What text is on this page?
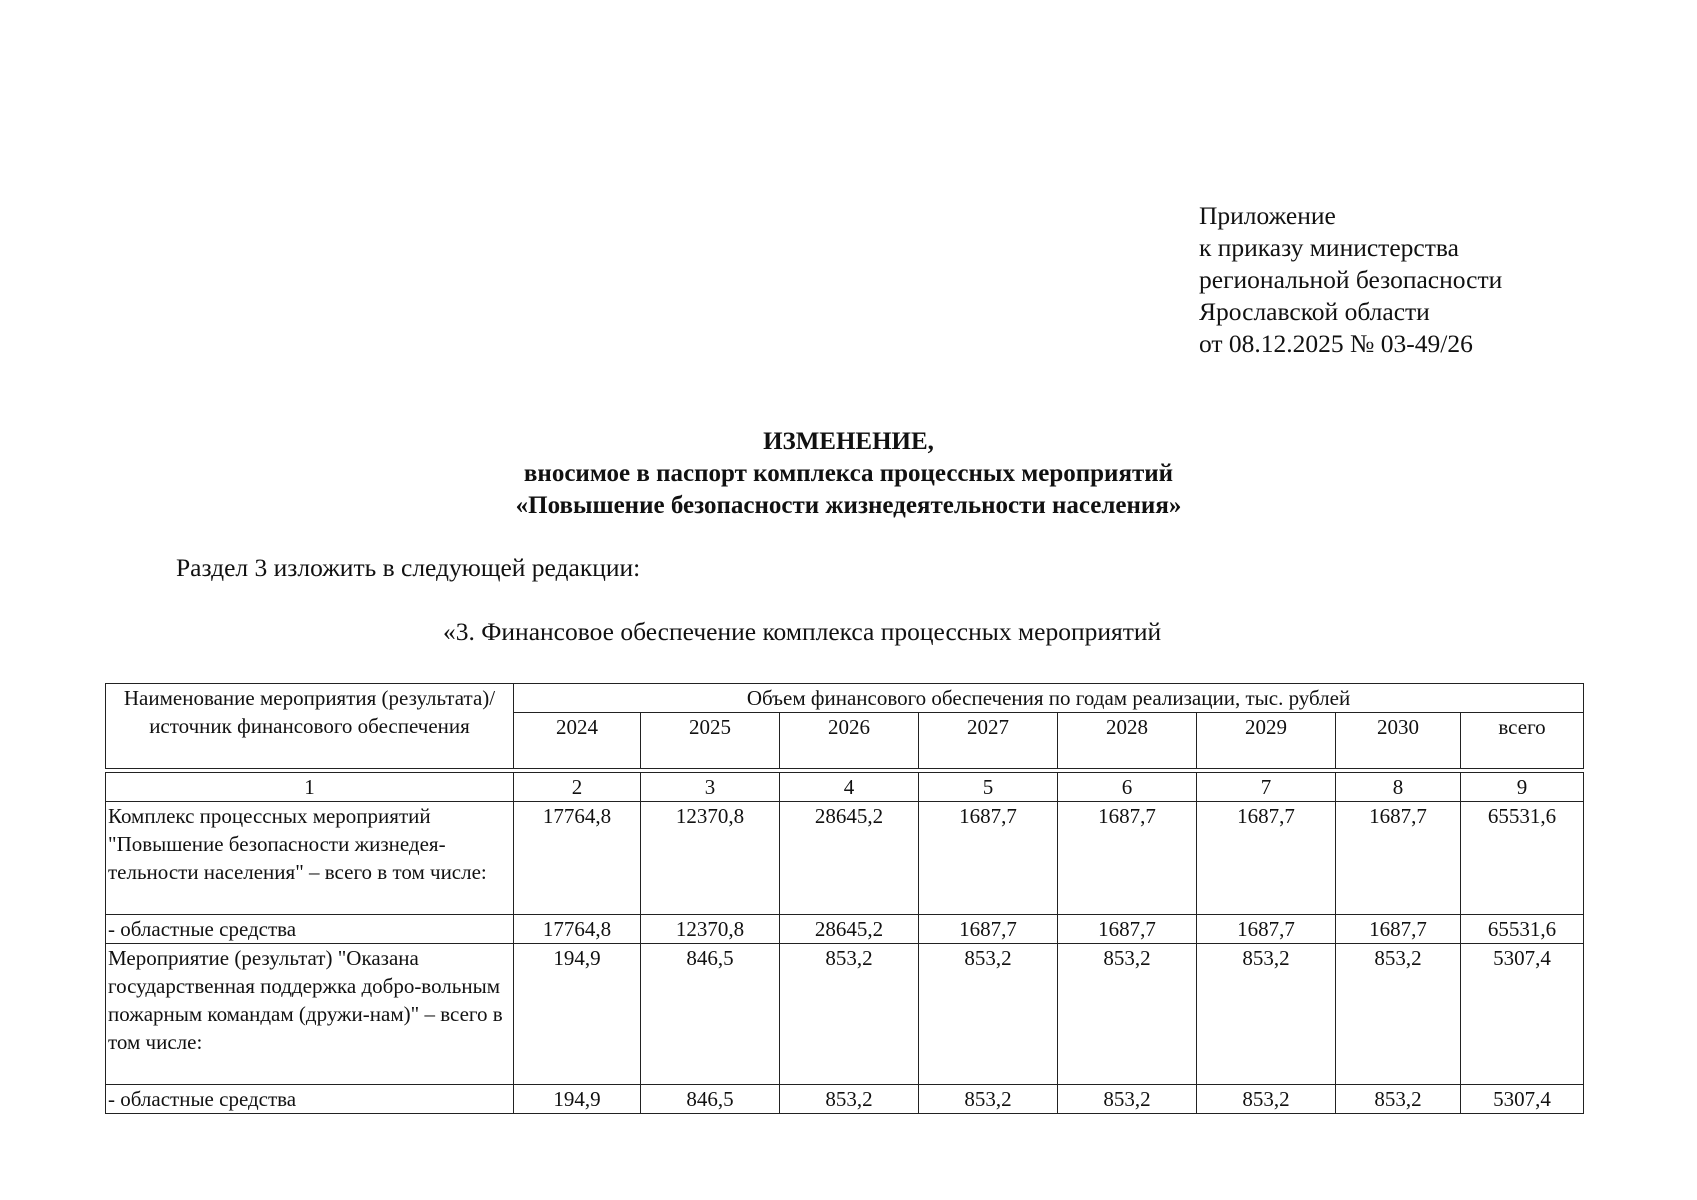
Приложение
к приказу министерства
региональной безопасности
Ярославской области
от 08.12.2025 № 03-49/26
ИЗМЕНЕНИЕ,
вносимое в паспорт комплекса процессных мероприятий
«Повышение безопасности жизнедеятельности населения»
Раздел 3 изложить в следующей редакции:
«3. Финансовое обеспечение комплекса процессных мероприятий
Наименование мероприятия (результата)/ источник финансового обеспечения	Объем финансового обеспечения по годам реализации, тыс. рублей							
	2024	2025	2026	2027	2028	2029	2030	всего
1	2	3	4	5	6	7	8	9
Комплекс процессных мероприятий "Повышение безопасности жизнедея-тельности населения" – всего в том числе:	17764,8	12370,8	28645,2	1687,7	1687,7	1687,7	1687,7	65531,6
- областные средства	17764,8	12370,8	28645,2	1687,7	1687,7	1687,7	1687,7	65531,6
Мероприятие (результат) "Оказана государственная поддержка добро-вольным пожарным командам (дружи-нам)" – всего в том числе:	194,9	846,5	853,2	853,2	853,2	853,2	853,2	5307,4
- областные средства	194,9	846,5	853,2	853,2	853,2	853,2	853,2	5307,4
